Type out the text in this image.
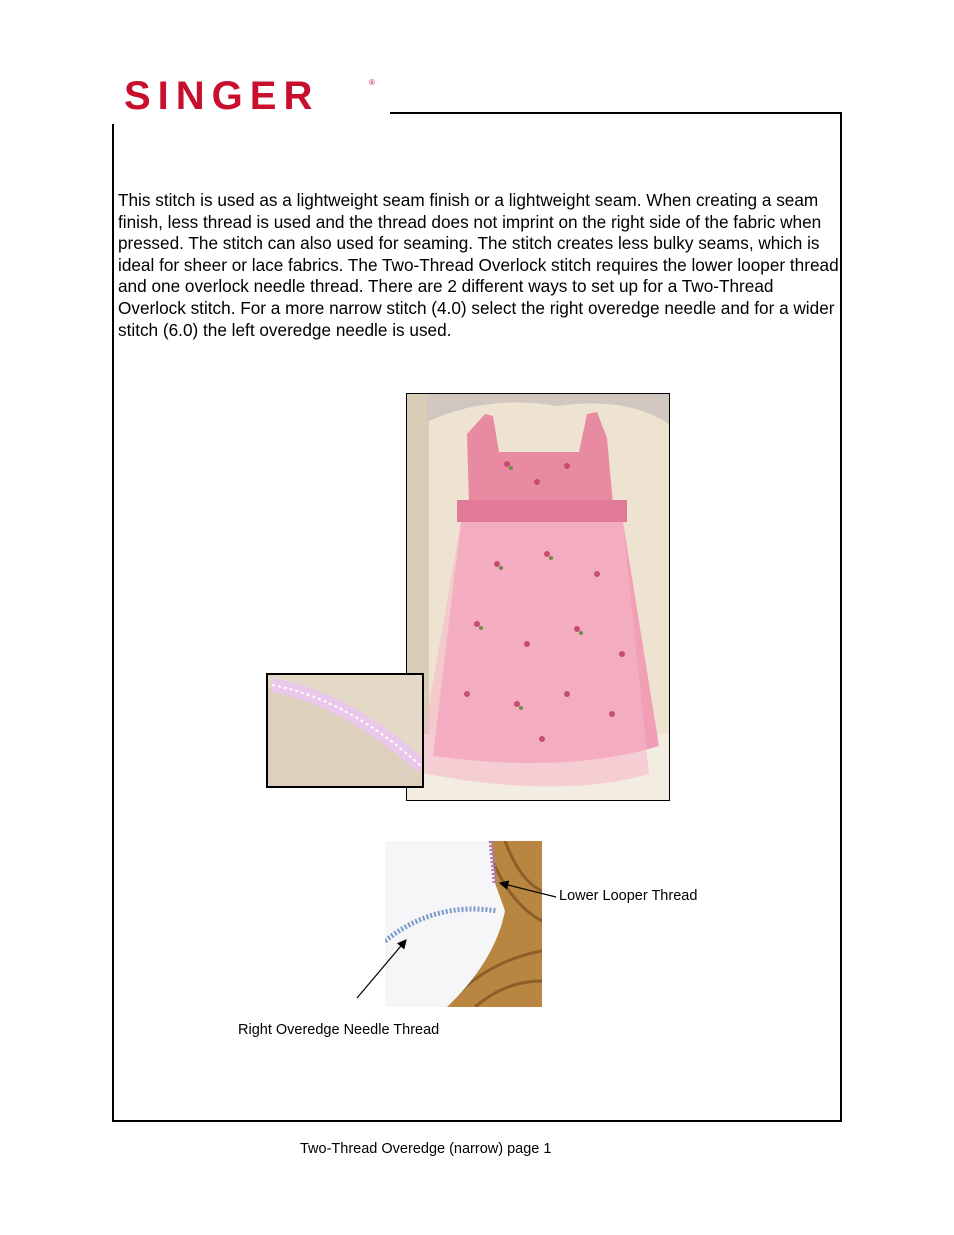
SINGER	®

This stitch is used as a lightweight seam finish or a lightweight seam. When creating a seam finish, less thread is used and the thread does not imprint on the right side of the fabric when pressed. The stitch can also used for seaming. The stitch creates less bulky seams, which is ideal for sheer or lace fabrics. The Two-Thread Overlock stitch requires the lower looper thread and one overlock needle thread. There are 2 different ways to set up for a Two-Thread Overlock stitch. For a more narrow stitch (4.0) select the right overedge needle and for a wider stitch (6.0) the left overedge needle is used.

Lower Looper Thread
Right Overedge Needle Thread
Two-Thread Overedge (narrow) page 1
